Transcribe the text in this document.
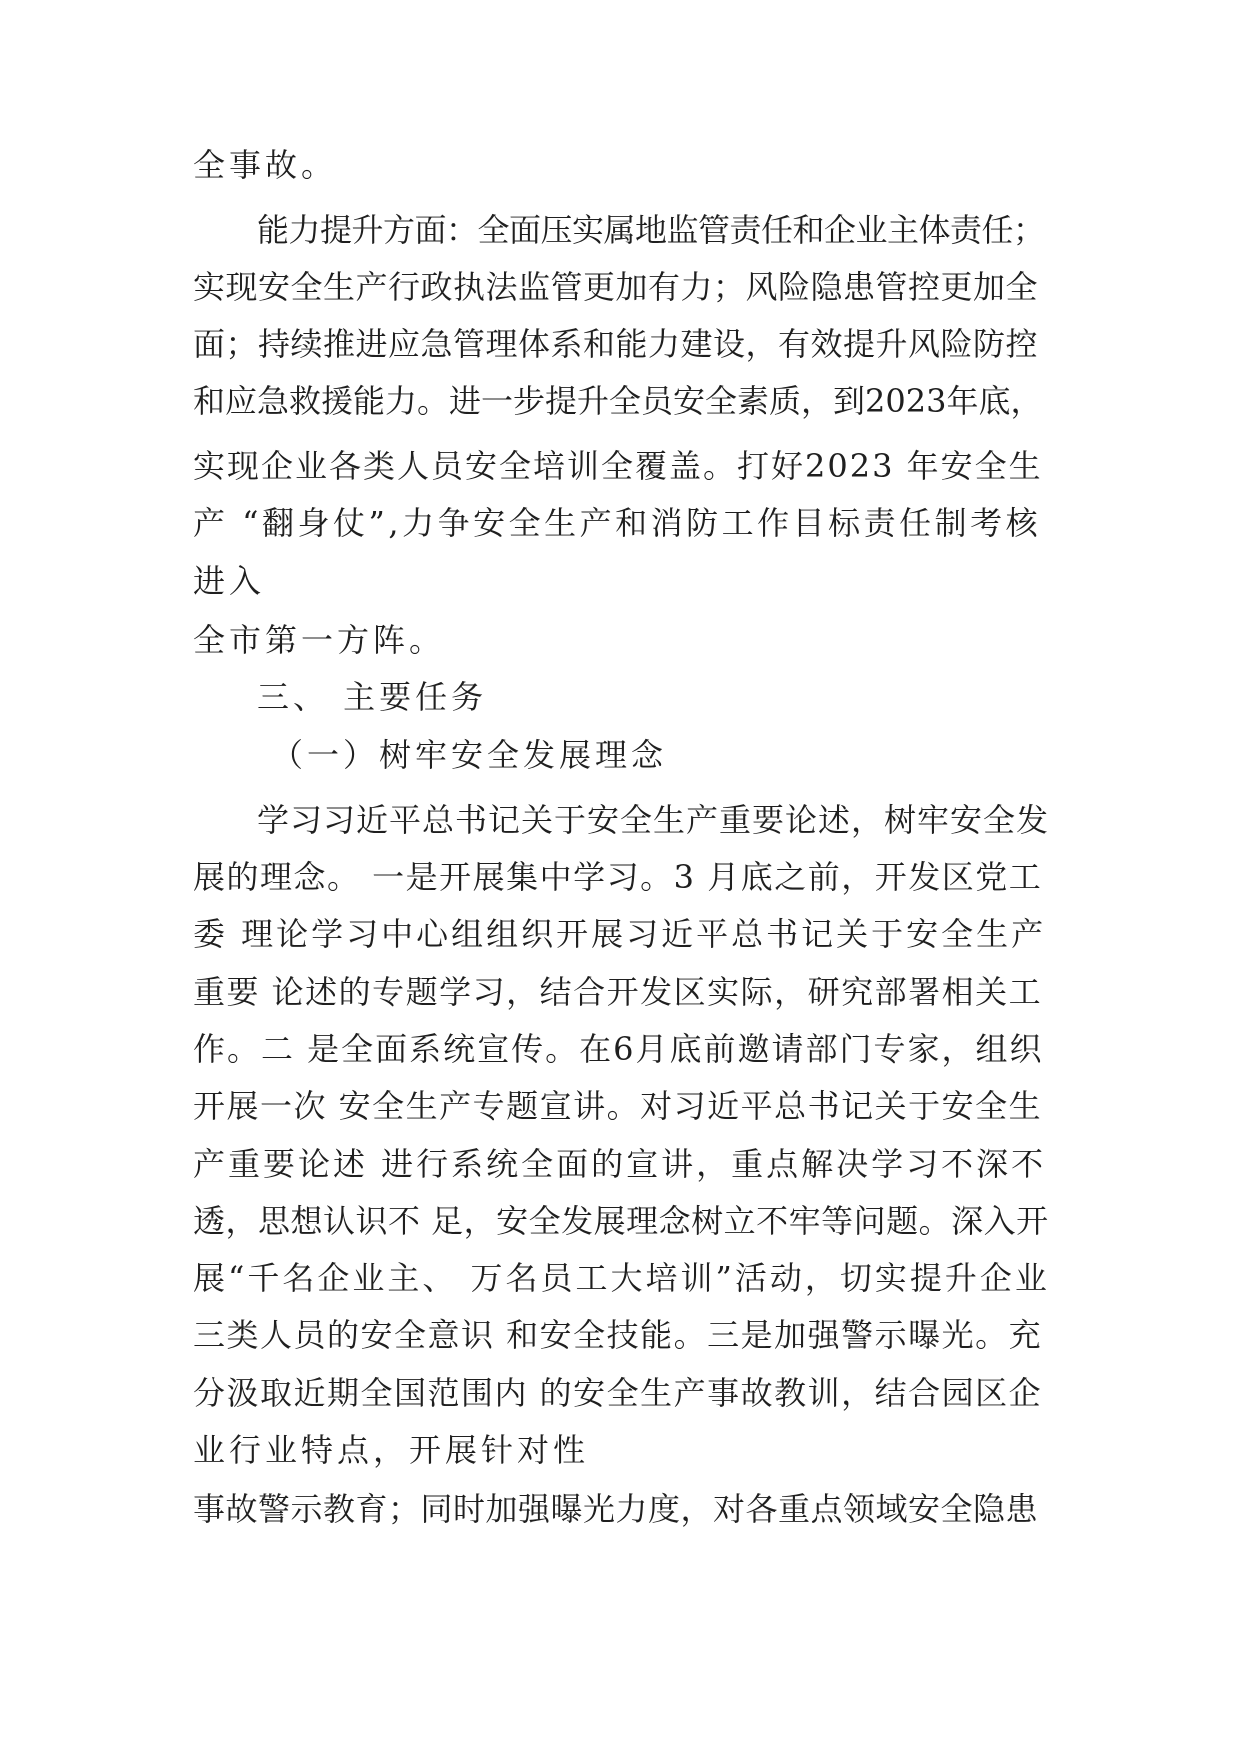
全事故。
能力提升方面：全面压实属地监管责任和企业主体责任；
实现安全生产行政执法监管更加有力；风险隐患管控更加全
面；持续推进应急管理体系和能力建设，有效提升风险防控
和应急救援能力。进一步提升全员安全素质，到2023年底，
实现企业各类人员安全培训全覆盖。打好2023 年安全生
产 “翻身仗”,力争安全生产和消防工作目标责任制考核
进入
全市第一方阵。
三、 主要任务
（一）树牢安全发展理念
学习习近平总书记关于安全生产重要论述，树牢安全发
展的理念。 一是开展集中学习。3 月底之前，开发区党工
委 理论学习中心组组织开展习近平总书记关于安全生产
重要 论述的专题学习，结合开发区实际，研究部署相关工
作。二 是全面系统宣传。在6月底前邀请部门专家，组织
开展一次 安全生产专题宣讲。对习近平总书记关于安全生
产重要论述 进行系统全面的宣讲，重点解决学习不深不
透，思想认识不 足，安全发展理念树立不牢等问题。深入开
展“千名企业主、 万名员工大培训”活动，切实提升企业
三类人员的安全意识 和安全技能。三是加强警示曝光。充
分汲取近期全国范围内 的安全生产事故教训，结合园区企
业行业特点，开展针对性
事故警示教育；同时加强曝光力度，对各重点领域安全隐患
